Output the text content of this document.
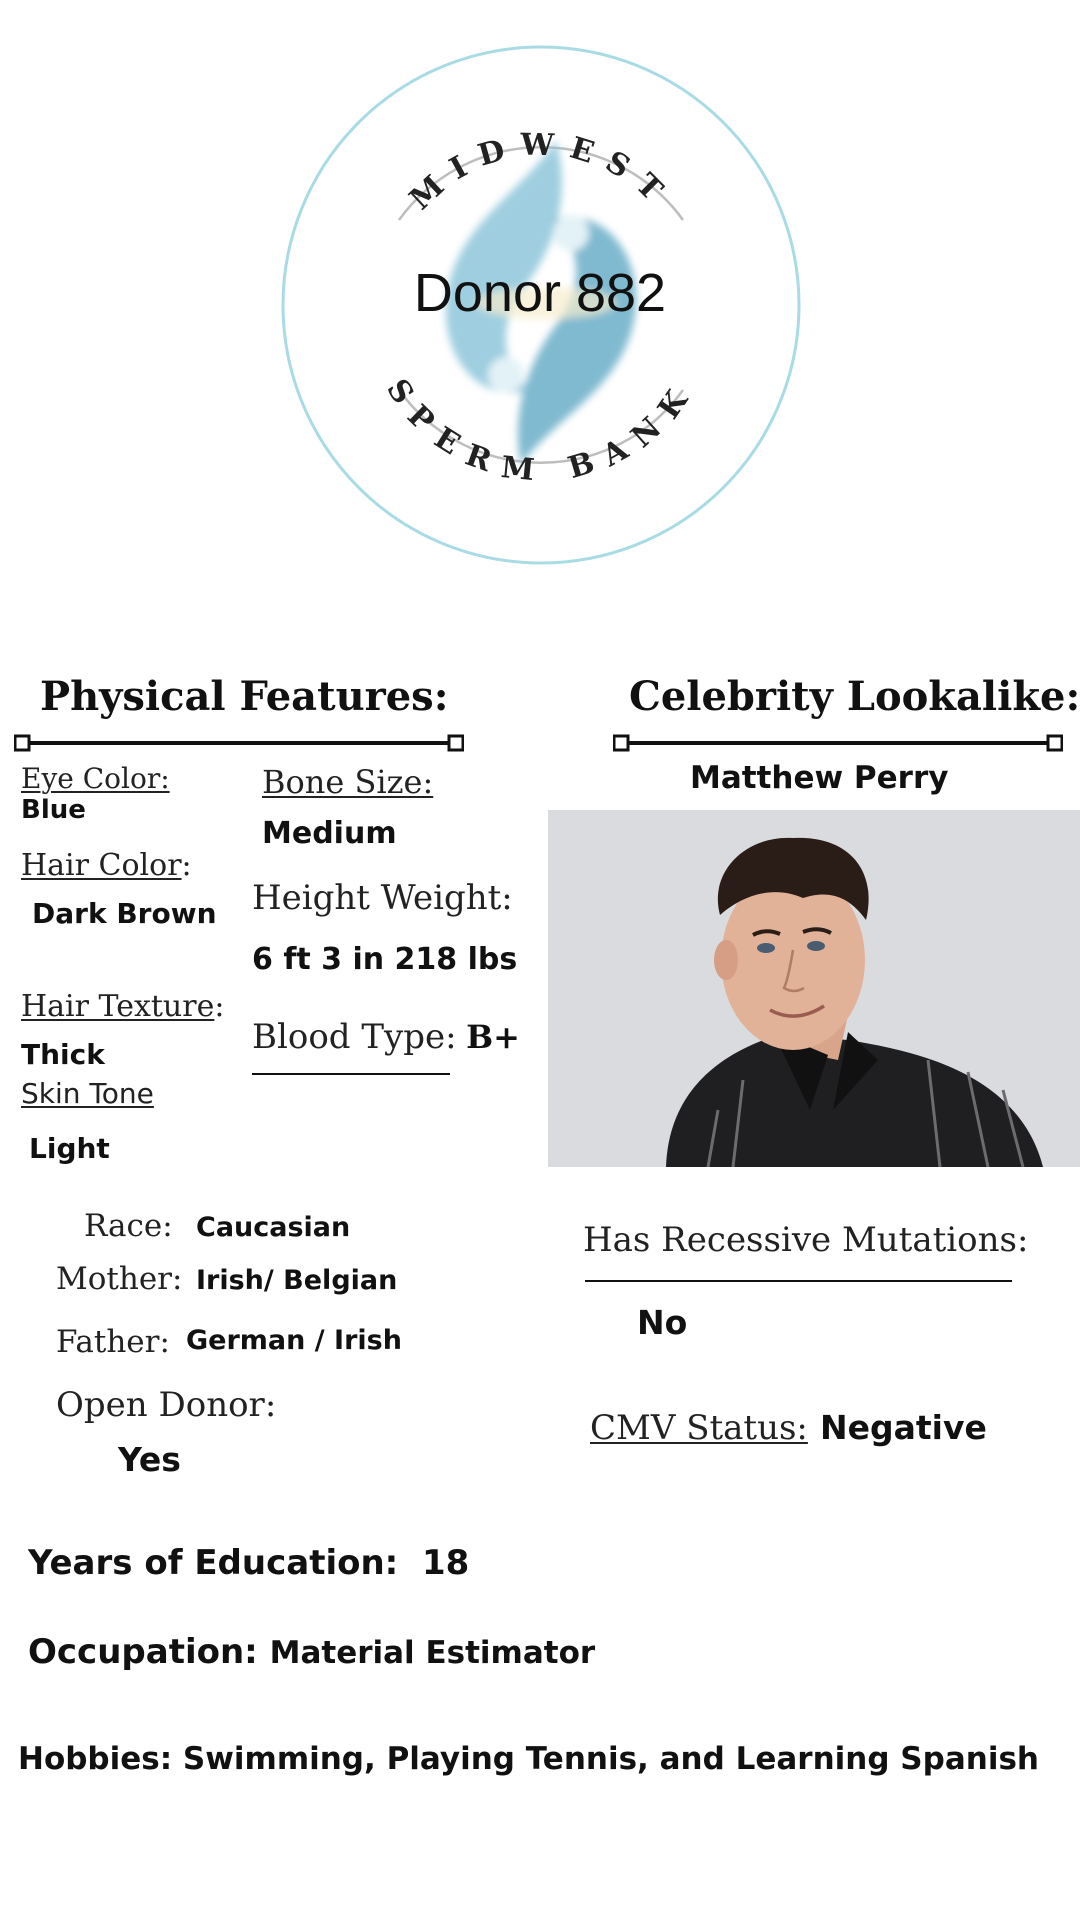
MIDWEST
SPERM BANK
Donor 882
Physical Features:
Eye Color:
Blue
Hair Color:
Dark Brown
Hair Texture:
Thick
Skin Tone
Light
Bone Size:
Medium
Height Weight:
6 ft 3 in 218 lbs
Blood Type: B+
Race: Caucasian
Mother: Irish/ Belgian
Father: German / Irish
Open Donor:
Yes
Celebrity Lookalike:
Matthew Perry
Has Recessive Mutations:
No
CMV Status: Negative
Years of Education: 18
Occupation: Material Estimator
Hobbies: Swimming, Playing Tennis, and Learning Spanish
